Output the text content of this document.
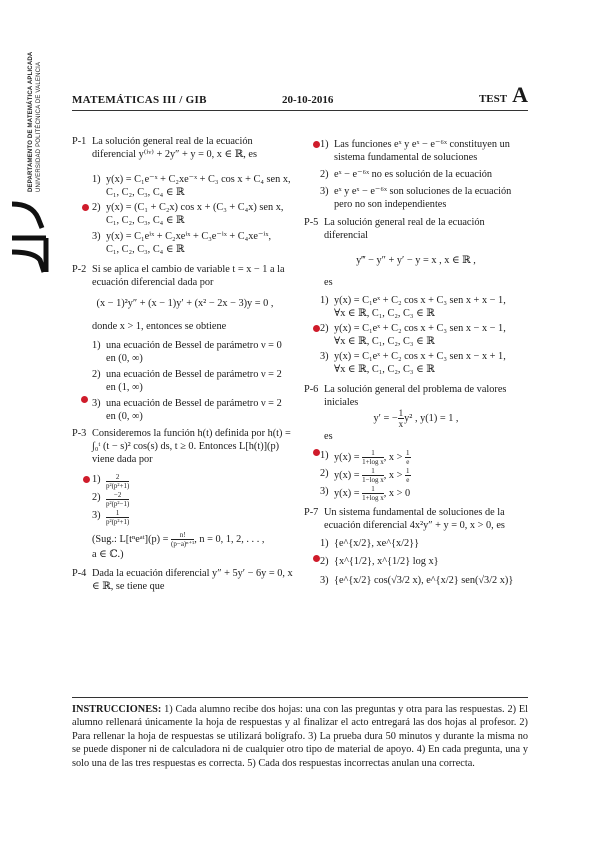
DEPARTAMENTO DE MATEMÁTICA APLICADA UNIVERSIDAD POLITÉCNICA DE VALENCIA	MATEMÁTICAS III / GIB	20-10-2016	TEST A
P-1 La solución general real de la ecuación diferencial y⁽ⁱᵛ⁾ + 2y″ + y = 0, x ∈ ℝ, es
1) y(x) = C₁e⁻ˣ + C₂xe⁻ˣ + C₃ cos x + C₄ sen x,
C₁, C₂, C₃, C₄ ∈ ℝ
2) y(x) = (C₁ + C₂x) cos x + (C₃ + C₄x) sen x,
C₁, C₂, C₃, C₄ ∈ ℝ
3) y(x) = C₁eⁱˣ + C₂xeⁱˣ + C₃e⁻ⁱˣ + C₄xe⁻ⁱˣ,
C₁, C₂, C₃, C₄ ∈ ℝ
P-2 Si se aplica el cambio de variable t = x − 1 a la ecuación diferencial dada por
(x − 1)²y″ + (x − 1)y′ + (x² − 2x − 3)y = 0 ,
donde x > 1, entonces se obtiene
1) una ecuación de Bessel de parámetro ν = 0
en (0, ∞)
2) una ecuación de Bessel de parámetro ν = 2
en (1, ∞)
3) una ecuación de Bessel de parámetro ν = 2
en (0, ∞)
P-3 Consideremos la función h(t) definida por h(t) = ∫₀ᵗ (t − s)² cos(s) ds, t ≥ 0. Entonces L[h(t)](p) viene dada por
$1) \frac{2}{\text{p²(p²+1)}}$
$2) \frac{-2}{\text{p²(p²−1)}}$
$3) \frac{1}{\text{p²(p²+1)}}$
(Sug.: L[tⁿeᵃᵗ](p) = $\frac{n!}{\text{(p−a)ⁿ⁺¹}}$ , n = 0, 1, 2, . . . ,
a ∈ ℂ.)
P-4 Dada la ecuación diferencial y″ + 5y′ − 6y = 0, x ∈ ℝ, se tiene que
1) Las funciones eˣ y eˣ − e⁻⁶ˣ constituyen un
sistema fundamental de soluciones
2) eˣ − e⁻⁶ˣ no es solución de la ecuación
3) eˣ y eˣ − e⁻⁶ˣ son soluciones de la ecuación
pero no son independientes
P-5 La solución general real de la ecuación diferencial
y‴ − y″ + y′ − y = x , x ∈ ℝ ,
es
1) y(x) = C₁eˣ + C₂ cos x + C₃ sen x + x − 1,
∀x ∈ ℝ, C₁, C₂, C₃ ∈ ℝ
2) y(x) = C₁eˣ + C₂ cos x + C₃ sen x − x − 1,
∀x ∈ ℝ, C₁, C₂, C₃ ∈ ℝ
3) y(x) = C₁eˣ + C₂ cos x + C₃ sen x − x + 1,
∀x ∈ ℝ, C₁, C₂, C₃ ∈ ℝ
P-6 La solución general del problema de valores iniciales
y′ = − $\frac{1}{x} y^2$ , y(1) = 1 ,
es
1) $y(x) = \frac{1}{\text{1+log x}}$ , $x > \frac{1}{e}$
2) $y(x) = \frac{1}{\text{1−log x}}$ , $x > \frac{1}{e}$
3) $y(x) = \frac{1}{\text{1+log x}}$ , x > 0
P-7 Un sistema fundamental de soluciones de la ecuación diferencial 4x²y″ + y = 0, x > 0, es
1) {e^{x/2}, xe^{x/2}}
2) {x^{1/2}, x^{1/2} log x}
3) {e^{x/2} cos(√3/2 x), e^{x/2} sen(√3/2 x)}
INSTRUCCIONES: 1) Cada alumno recibe dos hojas: una con las preguntas y otra para las respuestas. 2) El alumno rellenará únicamente la hoja de respuestas y al finalizar el acto entregará las dos hojas al profesor. 2) Para rellenar la hoja de respuestas se utilizará bolígrafo. 3) La prueba dura 50 minutos y durante la misma no se puede disponer ni de calculadora ni de cualquier otro tipo de material de apoyo. 4) En cada pregunta, una y solo una de las tres respuestas es correcta. 5) Cada dos respuestas incorrectas anulan una correcta.
